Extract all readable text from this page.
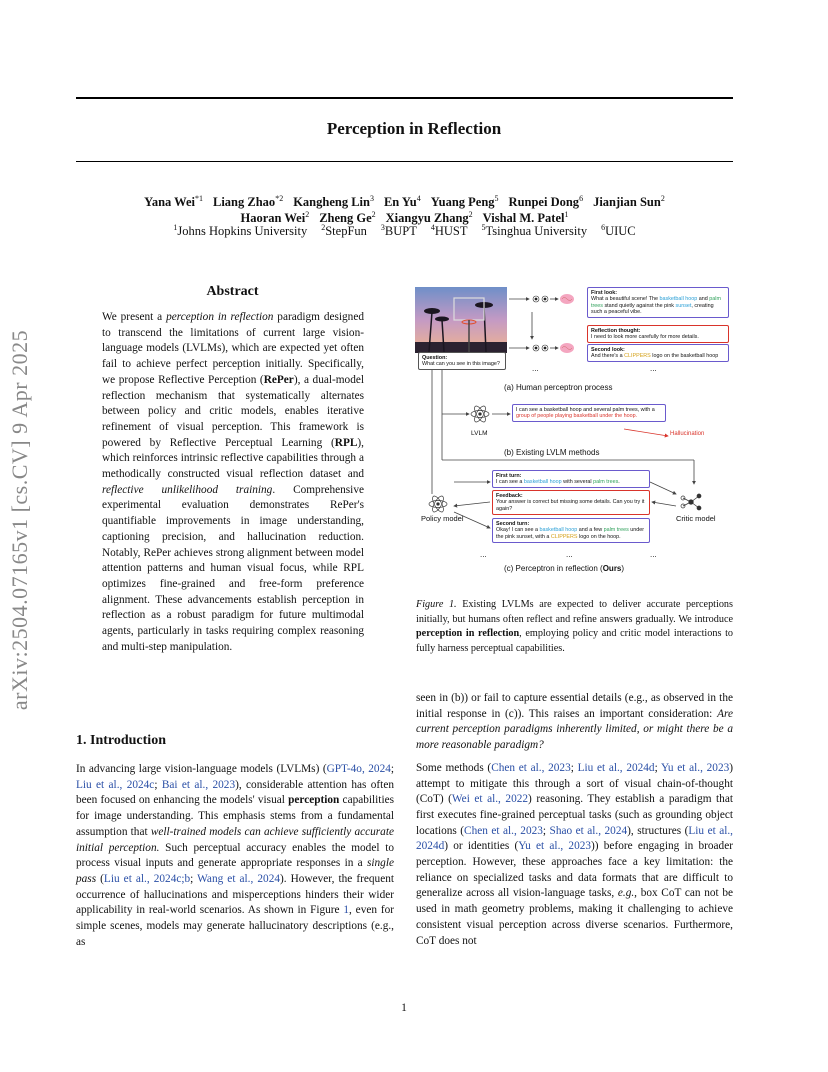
arXiv:2504.07165v1 [cs.CV] 9 Apr 2025
Perception in Reflection
Yana Wei$^{*1}$ Liang Zhao$^{*2}$ Kangheng Lin$^3$ En Yu$^4$ Yuang Peng$^5$ Runpei Dong$^6$ Jianjian Sun$^2$
Haoran Wei$^2$ Zheng Ge$^2$ Xiangyu Zhang$^2$ Vishal M. Patel$^1$
$^1$Johns Hopkins University $^2$StepFun $^3$BUPT $^4$HUST $^5$Tsinghua University $^6$UIUC
Abstract
We present a perception in reflection paradigm designed to transcend the limitations of current large vision-language models (LVLMs), which are expected yet often fail to achieve perfect perception initially. Specifically, we propose Reflective Perception (RePer), a dual-model reflection mechanism that systematically alternates between policy and critic models, enables iterative refinement of visual perception. This framework is powered by Reflective Perceptual Learning (RPL), which reinforces intrinsic reflective capabilities through a methodically constructed visual reflection dataset and reflective unlikelihood training. Comprehensive experimental evaluation demonstrates RePer's quantifiable improvements in image understanding, captioning precision, and hallucination reduction. Notably, RePer achieves strong alignment between model attention patterns and human visual focus, while RPL optimizes fine-grained and free-form preference alignment. These advancements establish perception in reflection as a robust paradigm for future multimodal agents, particularly in tasks requiring complex reasoning and multi-step manipulation.
1. Introduction
In advancing large vision-language models (LVLMs) (GPT-4o, 2024; Liu et al., 2024c; Bai et al., 2023), considerable attention has often been focused on enhancing the models' visual perception capabilities for image understanding. This emphasis stems from a fundamental assumption that well-trained models can achieve sufficiently accurate initial perception. Such perceptual accuracy enables the model to process visual inputs and generate appropriate responses in a single pass (Liu et al., 2024c;b; Wang et al., 2024). However, the frequent occurrence of hallucinations and misperceptions hinders their wider applicability in real-world scenarios. As shown in Figure 1, even for simple scenes, models may generate hallucinatory descriptions (e.g., as

seen in (b)) or fail to capture essential details (e.g., as observed in the initial response in (c)). This raises an important consideration: Are current perception paradigms inherently limited, or might there be a more reasonable paradigm?

Some methods (Chen et al., 2023; Liu et al., 2024d; Yu et al., 2023) attempt to mitigate this through a sort of visual chain-of-thought (CoT) (Wei et al., 2022) reasoning. They establish a paradigm that first executes fine-grained perceptual tasks (such as grounding object locations (Chen et al., 2023; Shao et al., 2024), structures (Liu et al., 2024d) or identities (Yu et al., 2023)) before engaging in broader perception. However, these approaches face a key limitation: the reliance on specialized tasks and data formats that are difficult to generalize across all vision-language tasks, e.g., box CoT can not be used in math geometry problems, making it challenging to achieve consistent visual perception across diverse scenarios. Furthermore, CoT does not

Question:
What can you see in this image?
First look:
What a beautiful scene! The basketball hoop and palm trees stand quietly against the pink sunset, creating such a peaceful vibe.
Reflection thought:
I need to look more carefully for more details.
Second look:
And there's a CLIPPERS logo on the basketball hoop
...	...
(a) Human perceptron process
LVLM
I can see a basketball hoop and several palm trees, with a group of people playing basketball under the hoop.
Hallucination
(b) Existing LVLM methods
First turn:
I can see a basketball hoop with several palm trees.
Feedback:
Your answer is correct but missing some details. Can you try it again?
Second turn:
Okay! I can see a basketball hoop and a few palm trees under the pink sunset, with a CLIPPERS logo on the hoop.
Policy model	Critic model
...	...	...
(c) Perceptron in reflection (Ours)
Figure 1. Existing LVLMs are expected to deliver accurate perceptions initially, but humans often reflect and refine answers gradually. We introduce perception in reflection, employing policy and critic model interactions to fully harness perceptual capabilities.
1
